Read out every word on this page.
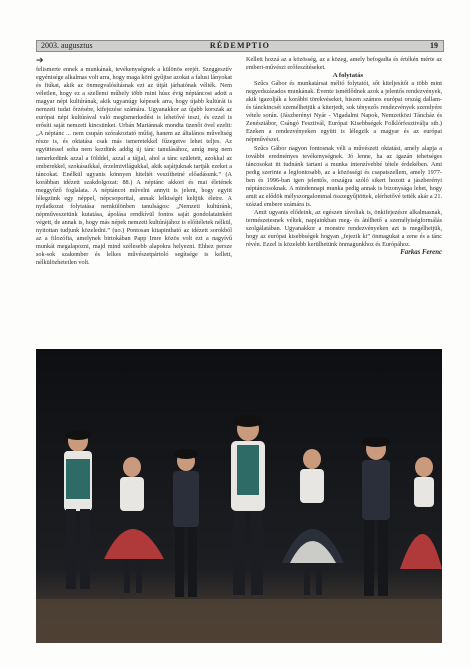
2003. augusztus	RÉDEMPTIO	19
➔

felismerte ennek a munkának, tevékenységnek a különös erejét. Szeggesztív egyénisége alkalmas volt arra, hogy maga köré gyűjtse azokat a falusi lányokat és fiúkat, akik az önmegvalósításnak ezt az útját járhatónak vélték. Nem véletlen, hogy ez a szellemi műhely több mint húsz évig néptáncost adott a magyar népi kultúrának, akik ugyanúgy képesek arra, hogy újabb kultúrát is nemzeti tudat őrzésére, kifejezése számára. Ugyanakkor az újabb korszak az európai népi kultúrával való megismerkedést is lehetővé teszi, és ezzel is erősíti saját nemzeti kincsünket. Urbán Mariánnak mondta üzenőt övel ezeltt: „A néptánc ... nem csupán szórakoztató műfaj, hanem az általános műveltség része is, és oktatása csak más ismeretekkel fűzegetve lehet teljes. Az együttessel soha nem kezdünk addig új tánc tanulásához, amíg meg nem ismerkedünk azzal a földdel, azzal a tájjal, ahol a tánc született, azokkal az emberekkel, szokásaikkal, érzelmivilágukkal, akik sajátjuknak tartják ezeket a táncokat. Enélkül ugyanis könnyen hiteltét veszíthetné előadásunk.” (A korábban idézett szakdolgozat: 88.) A néptánc akkori és mai életének meggyőző foglalata. A néptáncot művelni annyit is jelent, hogy egyitt lélegzünk egy néppel, népcsoporttal, annak lelkiségét keltjük életre. A nyilatkozat folytatása nemkülönben tanulságos: „Nemzeti kultúránk, népműveszetünk kutatása, ápolása rendkívül fontos saját gondolatainkért végett, de annak is, hogy más népek nemzeti kultúrájához is előítéletek nélkül, nyitottan tudjunk közeledni.” (uo.) Pontosan kitapintható az idézett sorokból az a filozófia, amelynek birtokában Papp Imre közös volt ezt a nagyívű munkát megalapozni, majd mind szélesebb alapokra helyezni. Ehhez persze sok-sok szakember és lelkes művészetpártoló segítsége is kellett, nélkülözhetetlen volt.

Kellett hozzá az a közösség, az a közeg, amely befogadta és értékén mérte az emberi-művészi erőfeszítéseket.

A folytatás

Szűcs Gábor és munkatársai méltó folytatói, sőt kiteljesítői a több mint negyedszázados munkának. Évente ismétlődnek azok a jelentős rendezvények, akik igazolják a korábbi törekvéseket, hiszen számos európai ország dallam- és tánckincsét személhetjük a kiterjedt, sok tényezős rendezvények szemlyére vétele során. (Jászberényi Nyár - Vigadalmi Napok, Nemzetközi Táncház és Zenésztábor, Csángó Fesztivál, Európai Kisebbségek Folklórfesztiválja stb.) Ezeken a rendezvényeken együtt is lélegzik a magyar és az európai népművészet.

Szűcs Gábor nagyon fontosnak véli a művészeti oktatást, amely alapja a további eredményes tevékenységnek. Jó lenne, ha az igazán tehetséges táncosokat itt tudnánk tartani a munka intenzívebbé tétele érdekében. Ami pedig szerinte a legfontosabb, az a közösségi és csapatszellem, amely 1977-ben és 1996-ban igen jelentős, országra szóló sikert hozott a jászberényi néptáncosoknak. A mindennapi munka pedig annak is bizonysága lehet, hogy amit az elődök mélyszorgalommal összegyűjtöttek, elérhetővé tették akár a 21. század embere számára is.

Amit ugyanis elődeink, az egészen távoliak is, önkifejezésre alkalmasnak, természetesnek véltek, napjainkban meg- és átélhető a személyiségformálás szolgálatában. Ugyanakkor a monstre rendezvényeken azt is megélhetjük, hogy az európai kisebbségek hogyan „fejezik ki” önmagukat a zene és a tánc révén. Ezzel is közelebb kerülhetünk önmagunkhoz és Európához.

Farkas Ferenc
